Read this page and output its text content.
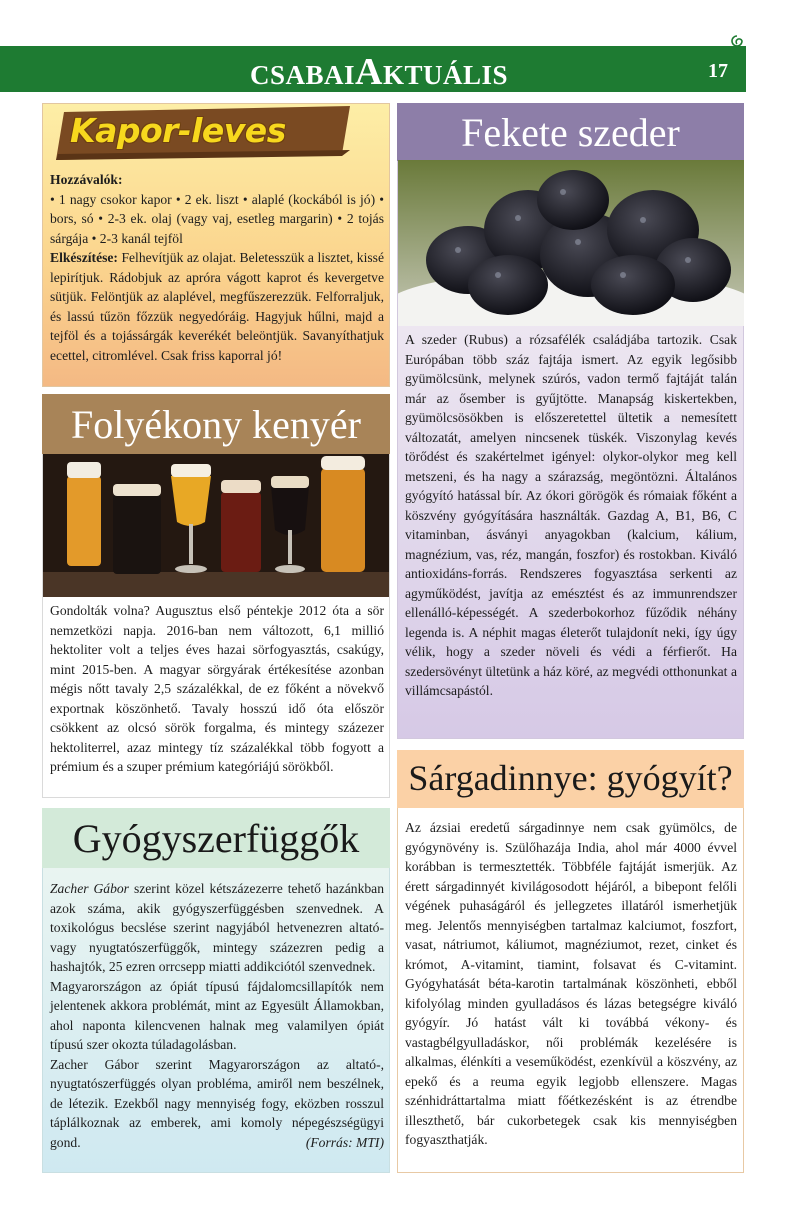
CSABAIAKTUÁLIS	17
Kapor-leves
Hozzávalók:
• 1 nagy csokor kapor • 2 ek. liszt • alaplé (kockából is jó) • bors, só • 2-3 ek. olaj (vagy vaj, esetleg margarin) • 2 tojás sárgája • 2-3 kanál tejföl
Elkészítése: Felhevítjük az olajat. Beletesszük a lisztet, kissé lepirítjuk. Rádobjuk az apróra vágott kaprot és kevergetve sütjük. Felöntjük az alaplével, megfűszerezzük. Felforraljuk, és lassú tűzön főzzük negyedóráig. Hagyjuk hűlni, majd a tejföl és a tojássárgák keverékét beleöntjük. Savanyíthatjuk ecettel, citromlével. Csak friss kaporral jó!
Fekete szeder
A szeder (Rubus) a rózsafélék családjába tartozik. Csak Európában több száz fajtája ismert. Az egyik legősibb gyümölcsünk, melynek szúrós, vadon termő fajtáját talán már az ősember is gyűjtötte. Manapság kiskertekben, gyümölcsösökben is előszeretettel ültetik a nemesített változatát, amelyen nincsenek tüskék. Viszonylag kevés törődést és szakértelmet igényel: olykor-olykor meg kell metszeni, és ha nagy a szárazság, megöntözni. Általános gyógyító hatással bír. Az ókori görögök és rómaiak főként a köszvény gyógyítására használták. Gazdag A, B1, B6, C vitaminban, ásványi anyagokban (kalcium, kálium, magnézium, vas, réz, mangán, foszfor) és rostokban. Kiváló antioxidáns-forrás. Rendszeres fogyasztása serkenti az agyműködést, javítja az emésztést és az immunrendszer ellenálló-képességét. A szederbokorhoz fűződik néhány legenda is. A néphit magas életerőt tulajdonít neki, így úgy vélik, hogy a szeder növeli és védi a férfierőt. Ha szedersövényt ültetünk a ház köré, az megvédi otthonunkat a villámcsapástól.
Folyékony kenyér
Gondolták volna? Augusztus első péntekje 2012 óta a sör nemzetközi napja. 2016-ban nem változott, 6,1 millió hektoliter volt a teljes éves hazai sörfogyasztás, csakúgy, mint 2015-ben. A magyar sörgyárak értékesítése azonban mégis nőtt tavaly 2,5 százalékkal, de ez főként a növekvő exportnak köszönhető. Tavaly hosszú idő óta először csökkent az olcsó sörök forgalma, és mintegy százezer hektoliterrel, azaz mintegy tíz százalékkal több fogyott a prémium és a szuper prémium kategóriájú sörökből.
Gyógyszerfüggők
Zacher Gábor szerint közel kétszázezerre tehető hazánkban azok száma, akik gyógyszerfüggésben szenvednek. A toxikológus becslése szerint nagyjából hetvenezren altató- vagy nyugtatószerfüggők, mintegy százezren pedig a hashajtók, 25 ezren orrcsepp miatti addikciótól szenvednek.
Magyarországon az ópiát típusú fájdalomcsillapítók nem jelentenek akkora problémát, mint az Egyesült Államokban, ahol naponta kilencvenen halnak meg valamilyen ópiát típusú szer okozta túladagolásban.
Zacher Gábor szerint Magyarországon az altató-, nyugtatószerfüggés olyan probléma, amiről nem beszélnek, de létezik. Ezekből nagy mennyiség fogy, eközben rosszul táplálkoznak az emberek, ami komoly népegészségügyi gond.	(Forrás: MTI)
Sárgadinnye: gyógyít?
Az ázsiai eredetű sárgadinnye nem csak gyümölcs, de gyógynövény is. Szülőhazája India, ahol már 4000 évvel korábban is termesztették. Többféle fajtáját ismerjük. Az érett sárgadinnyét kivilágosodott héjáról, a bibepont felőli végének puhaságáról és jellegzetes illatáról ismerhetjük meg. Jelentős mennyiségben tartalmaz kalciumot, foszfort, vasat, nátriumot, káliumot, magnéziumot, rezet, cinket és krómot, A-vitamint, tiamint, folsavat és C-vitamint. Gyógyhatását béta-karotin tartalmának köszönheti, ebből kifolyólag minden gyulladásos és lázas betegségre kiváló gyógyír. Jó hatást vált ki továbbá vékony- és vastagbélgyulladáskor, női problémák kezelésére is alkalmas, élénkíti a veseműködést, ezenkívül a köszvény, az epekő és a reuma egyik legjobb ellenszere. Magas szénhidráttartalma miatt főétkezésként is az étrendbe illeszthető, bár cukorbetegek csak kis mennyiségben fogyaszthatják.
